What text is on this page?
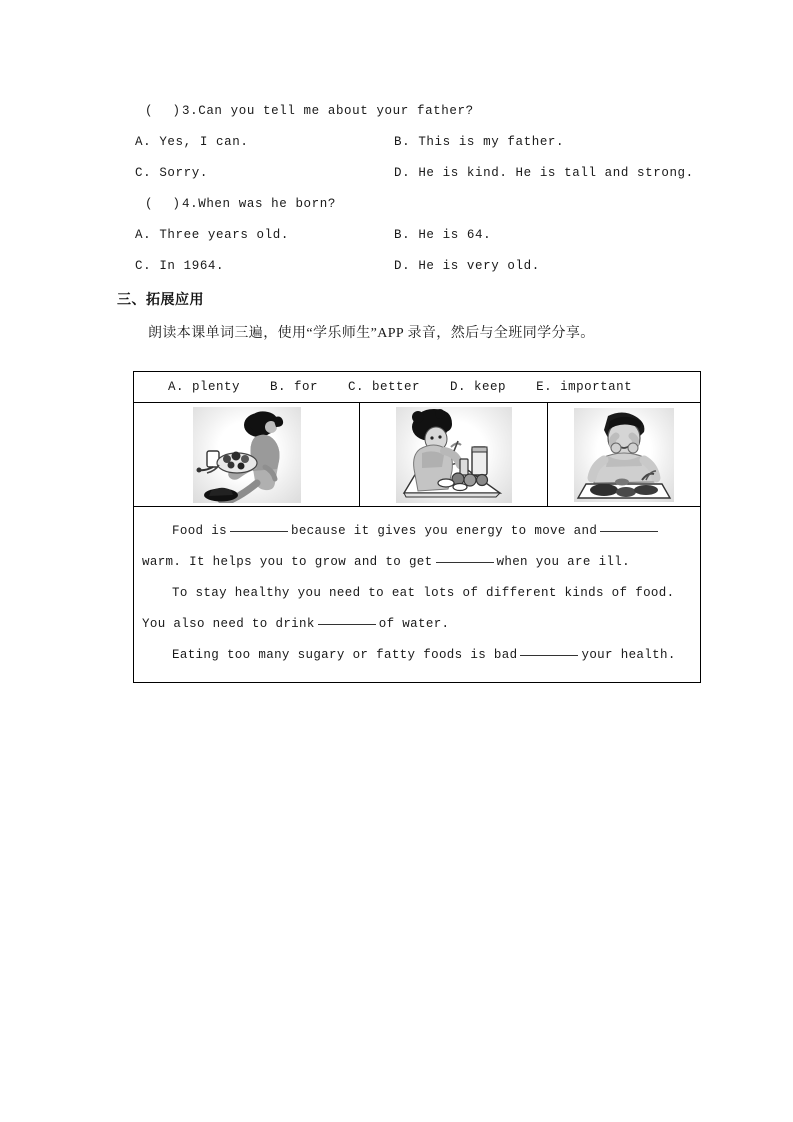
( ) 3.Can you tell me about your father?
A. Yes, I can.	B. This is my father.
C. Sorry.	D. He is kind. He is tall and strong.
( ) 4.When was he born?
A. Three years old.	B. He is 64.
C. In 1964.	D. He is very old.
三、拓展应用
朗读本课单词三遍，使用“学乐师生”APP 录音，然后与全班同学分享。
A. plenty B. for C. better D. keep E. important

Food is	because it gives you energy to move andwarm. It helps you to grow and to get	when you are ill.

To stay healthy you need to eat lots of different kinds of food. You also need to drink	of water.

Eating too many sugary or fatty foods is bad	your health.
